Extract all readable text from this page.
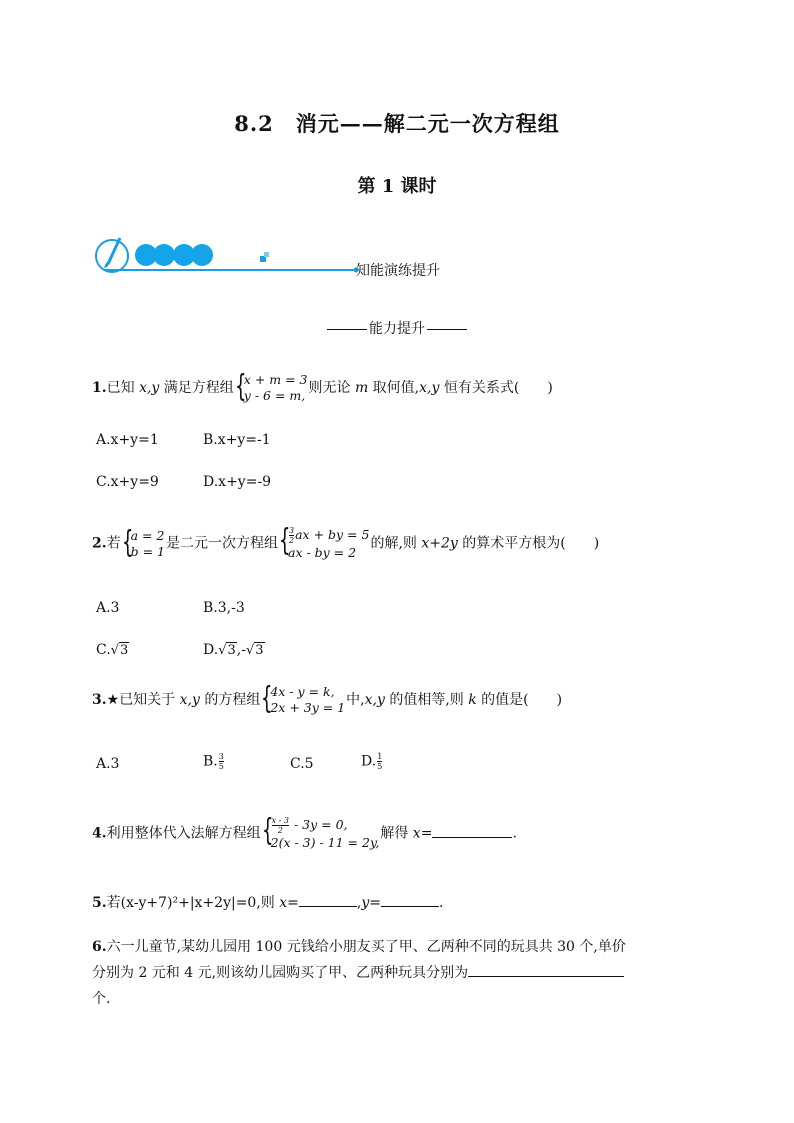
8.2　消元——解二元一次方程组
第 1 课时
知能演练提升
能力提升
1.已知 x,y 满足方程组 {
x + m = 3
y - 6 = m, 则无论 m 取何值,x,y 恒有关系式(　　)
A.x+y=1	B.x+y=-1
C.x+y=9	D.x+y=-9
2.若 {
a = 2
b = 1 是二元一次方程组 {
$\frac{3}{2}$ ax + by = 5
ax - by = 2
的解,则 x+2y 的算术平方根为(　　)
A.3	B.3,-3
C.√3	D.√3,-√3
3.★已知关于 x,y 的方程组 {
4x - y = k,
2x + 3y = 1 中,x,y 的值相等,则 k 的值是(　　)
A.3	B. $\frac{3}{5}$	C.5	D. $\frac{1}{5}$
4.利用整体代入法解方程组 {
$\frac{x - 3}{2} - 3y = 0$,
2(x - 3) - 11 = 2y,
解得 x=	.
5.若(x-y+7)²+|x+2y|=0,则 x=	,y=	.
6.六一儿童节,某幼儿园用 100 元钱给小朋友买了甲、乙两种不同的玩具共 30 个,单价
分别为 2 元和 4 元,则该幼儿园购买了甲、乙两种玩具分别为
个.
